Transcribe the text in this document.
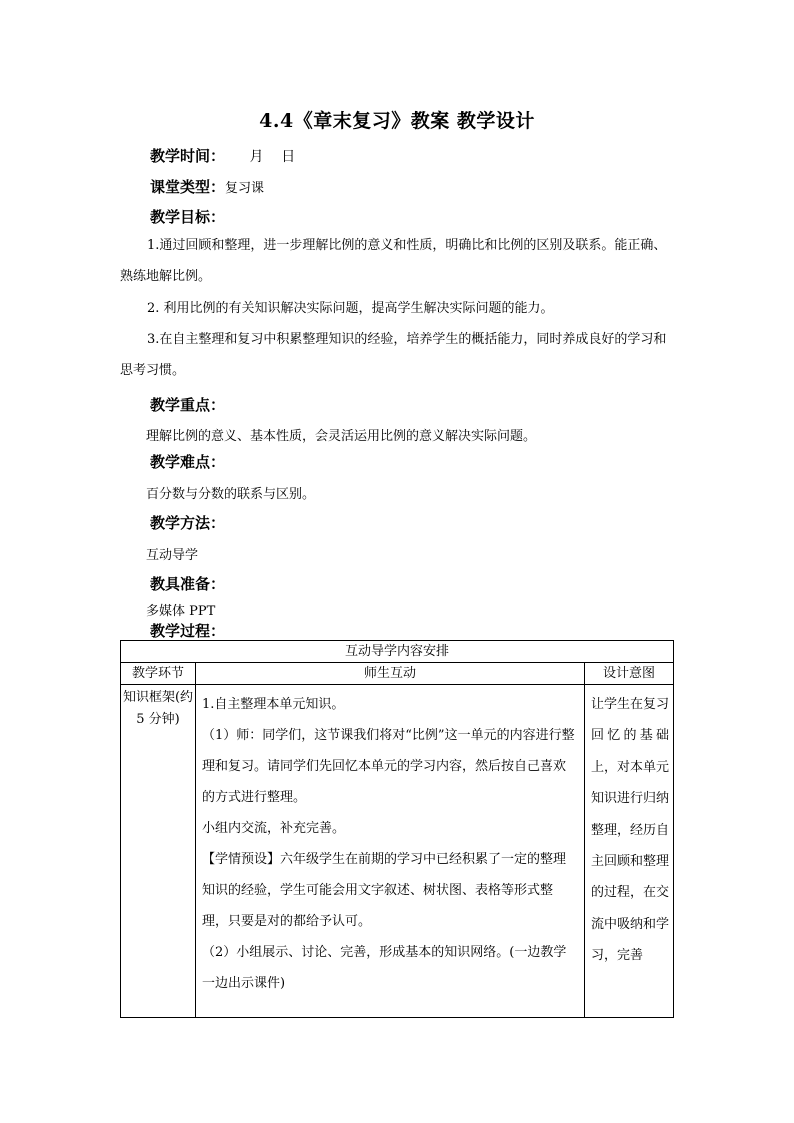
4.4《章末复习》教案 教学设计
教学时间： 月    日
课堂类型：复习课
教学目标：
1.通过回顾和整理，进一步理解比例的意义和性质，明确比和比例的区别及联系。能正确、熟练地解比例。
2. 利用比例的有关知识解决实际问题，提高学生解决实际问题的能力。
3.在自主整理和复习中积累整理知识的经验，培养学生的概括能力，同时养成良好的学习和思考习惯。
教学重点：
理解比例的意义、基本性质，会灵活运用比例的意义解决实际问题。
教学难点：
百分数与分数的联系与区别。
教学方法：
互动导学
教具准备：
多媒体 PPT
教学过程：
互动导学内容安排		
教学环节	师生互动	设计意图
知识框架(约 5 分钟)	1.自主整理本单元知识。
（1）师：同学们，这节课我们将对“比例”这一单元的内容进行整理和复习。请同学们先回忆本单元的学习内容，然后按自己喜欢的方式进行整理。
小组内交流，补充完善。
【学情预设】六年级学生在前期的学习中已经积累了一定的整理知识的经验，学生可能会用文字叙述、树状图、表格等形式整理，只要是对的都给予认可。
（2）小组展示、讨论、完善，形成基本的知识网络。(一边教学一边出示课件)	让学生在复习回忆的基础上，对本单元知识进行归纳整理，经历自主回顾和整理的过程，在交流中吸纳和学习，完善
